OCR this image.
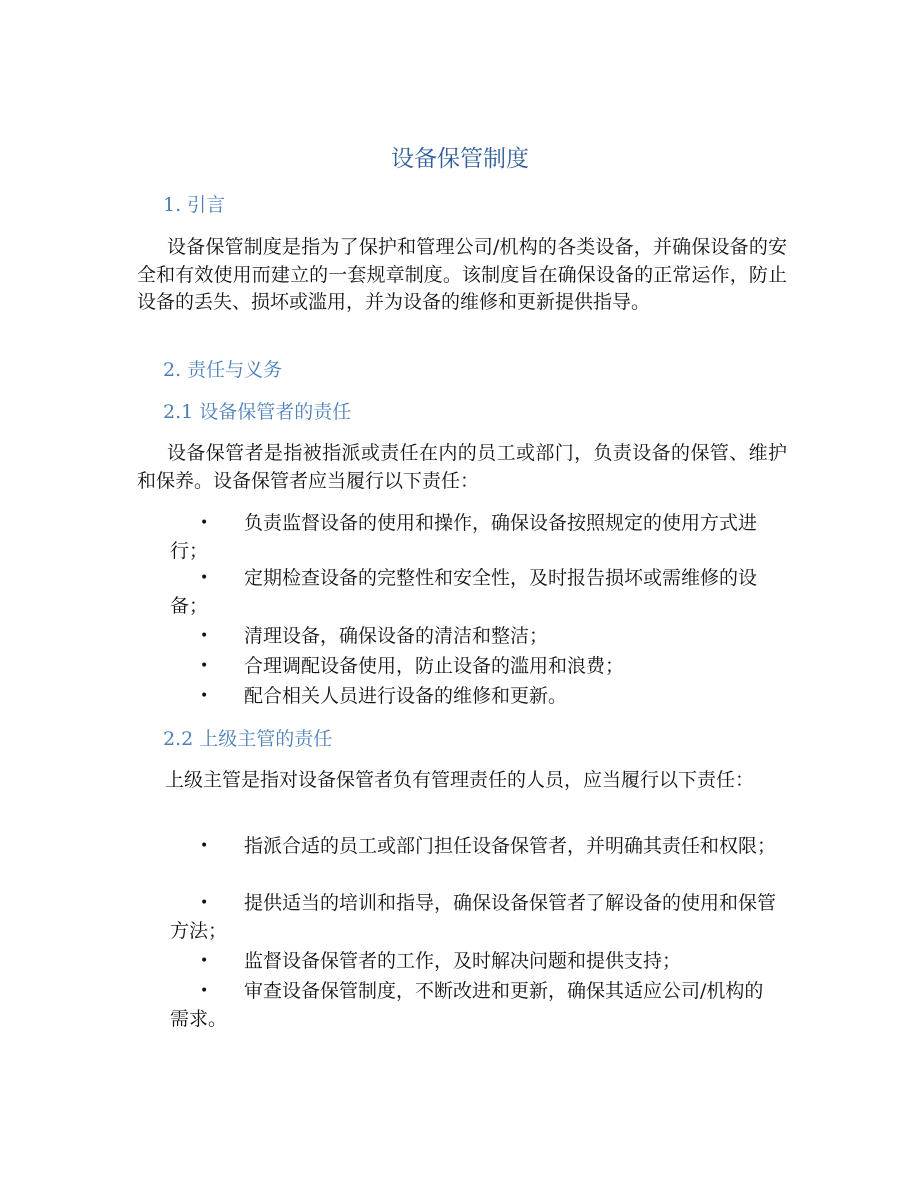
设备保管制度
1. 引言

设备保管制度是指为了保护和管理公司/机构的各类设备，并确保设备的安全和有效使用而建立的一套规章制度。该制度旨在确保设备的正常运作，防止设备的丢失、损坏或滥用，并为设备的维修和更新提供指导。

2. 责任与义务
2.1 设备保管者的责任

设备保管者是指被指派或责任在内的员工或部门，负责设备的保管、维护和保养。设备保管者应当履行以下责任：

• 负责监督设备的使用和操作，确保设备按照规定的使用方式进行；
• 定期检查设备的完整性和安全性，及时报告损坏或需维修的设备；
• 清理设备，确保设备的清洁和整洁；
• 合理调配设备使用，防止设备的滥用和浪费；
• 配合相关人员进行设备的维修和更新。
2.2 上级主管的责任

上级主管是指对设备保管者负有管理责任的人员，应当履行以下责任：

• 指派合适的员工或部门担任设备保管者，并明确其责任和权限；
• 提供适当的培训和指导，确保设备保管者了解设备的使用和保管方法；
• 监督设备保管者的工作，及时解决问题和提供支持；
• 审查设备保管制度，不断改进和更新，确保其适应公司/机构的需求。
